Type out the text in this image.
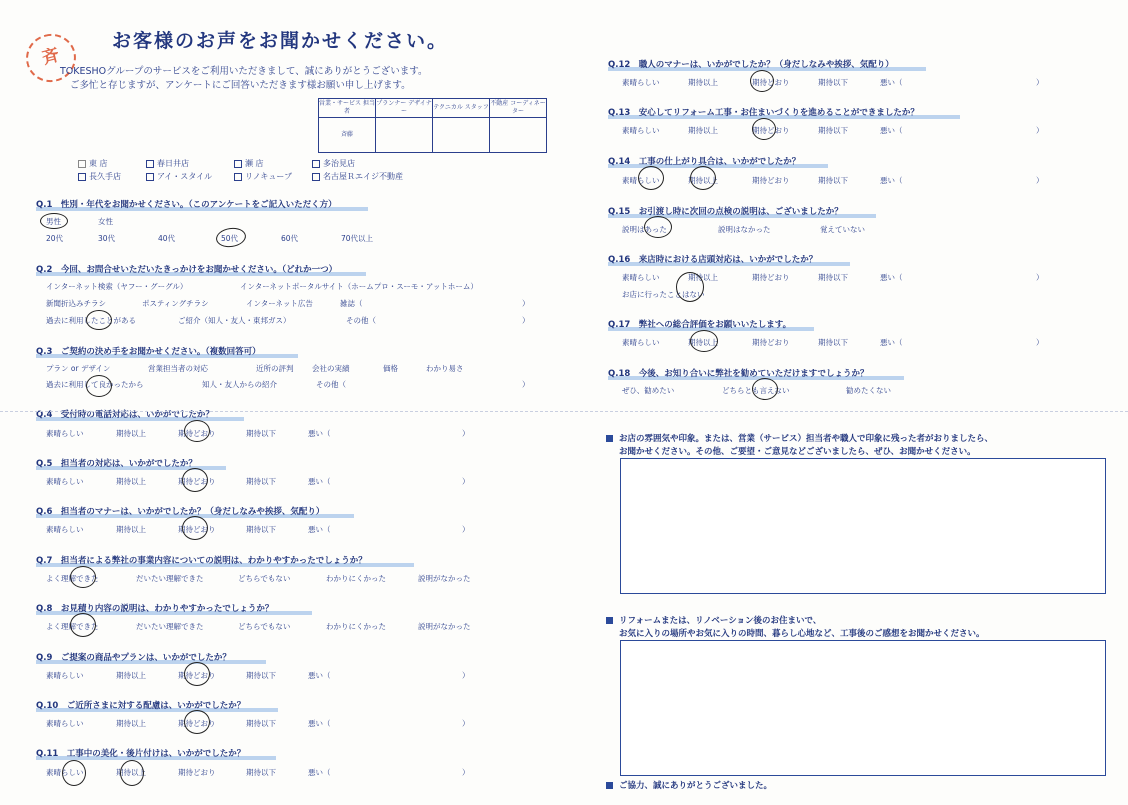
斉
お客様のお声をお聞かせください。
TOKESHOグループのサービスをご利用いただきまして、誠にありがとうございます。
ご多忙と存じますが、アンケートにご回答いただきます様お願い申し上げます。
営業・サービス 担当者	プランナー デザイナー	テクニカル スタッフ	不動産 コーディネーター
斉藤			
東 店	春日井店	瀬 店	多治見店
長久手店	アイ・スタイル	リノキューブ	名古屋Ｒエイジ不動産
Q.1　性別・年代をお聞かせください。（このアンケートをご記入いただく方）
男性	女性
20代	30代	40代	50代	60代	70代以上
Q.2　今回、お問合せいただいたきっかけをお聞かせください。（どれか一つ）
インターネット検索（ヤフー・グーグル）	インターネットポータルサイト（ホームプロ・スーモ・アットホーム）
新聞折込みチラシ	ポスティングチラシ	インターネット広告	雑誌（	）
過去に利用したことがある	ご紹介（知人・友人・東邦ガス）	その他（	）
Q.3　ご契約の決め手をお聞かせください。（複数回答可）
プラン or デザイン	営業担当者の対応	近所の評判 会社の実績	価格	わかり易さ
過去に利用して良かったから	知人・友人からの紹介	その他（	）
Q.4　受付時の電話対応は、いかがでしたか？
素晴らしい	期待以上	期待どおり	期待以下	悪い（	）
Q.5　担当者の対応は、いかがでしたか？
素晴らしい	期待以上	期待どおり	期待以下	悪い（	）
Q.6　担当者のマナーは、いかがでしたか？（身だしなみや挨拶、気配り）
素晴らしい	期待以上	期待どおり	期待以下	悪い（	）
Q.7　担当者による弊社の事業内容についての説明は、わかりやすかったでしょうか？
よく理解できた	だいたい理解できた	どちらでもない	わかりにくかった	説明がなかった
Q.8　お見積り内容の説明は、わかりやすかったでしょうか？
よく理解できた	だいたい理解できた	どちらでもない	わかりにくかった	説明がなかった
Q.9　ご提案の商品やプランは、いかがでしたか？
素晴らしい	期待以上	期待どおり	期待以下	悪い（	）
Q.10　ご近所さまに対する配慮は、いかがでしたか？
素晴らしい	期待以上	期待どおり	期待以下	悪い（	）
Q.11　工事中の美化・後片付けは、いかがでしたか？
素晴らしい	期待以上	期待どおり	期待以下	悪い（	）
Q.12　職人のマナーは、いかがでしたか？（身だしなみや挨拶、気配り）
素晴らしい	期待以上	期待どおり	期待以下	悪い（	）
Q.13　安心してリフォーム工事・お住まいづくりを進めることができましたか？
素晴らしい	期待以上	期待どおり	期待以下	悪い（	）
Q.14　工事の仕上がり具合は、いかがでしたか？
素晴らしい	期待以上	期待どおり	期待以下	悪い（	）
Q.15　お引渡し時に次回の点検の説明は、ございましたか？
説明はあった	説明はなかった	覚えていない
Q.16　来店時における店頭対応は、いかがでしたか？
素晴らしい	期待以上	期待どおり	期待以下	悪い（	）
お店に行ったことはない
Q.17　弊社への総合評価をお願いいたします。
素晴らしい	期待以上	期待どおり	期待以下	悪い（	）
Q.18　今後、お知り合いに弊社を勧めていただけますでしょうか？
ぜひ、勧めたい	どちらとも言えない	勧めたくない
お店の雰囲気や印象。または、営業（サービス）担当者や職人で印象に残った者がおりましたら、
お聞かせください。その他、ご要望・ご意見などございましたら、ぜひ、お聞かせください。
リフォームまたは、リノベーション後のお住まいで、
お気に入りの場所やお気に入りの時間、暮らし心地など、工事後のご感想をお聞かせください。
ご協力、誠にありがとうございました。
